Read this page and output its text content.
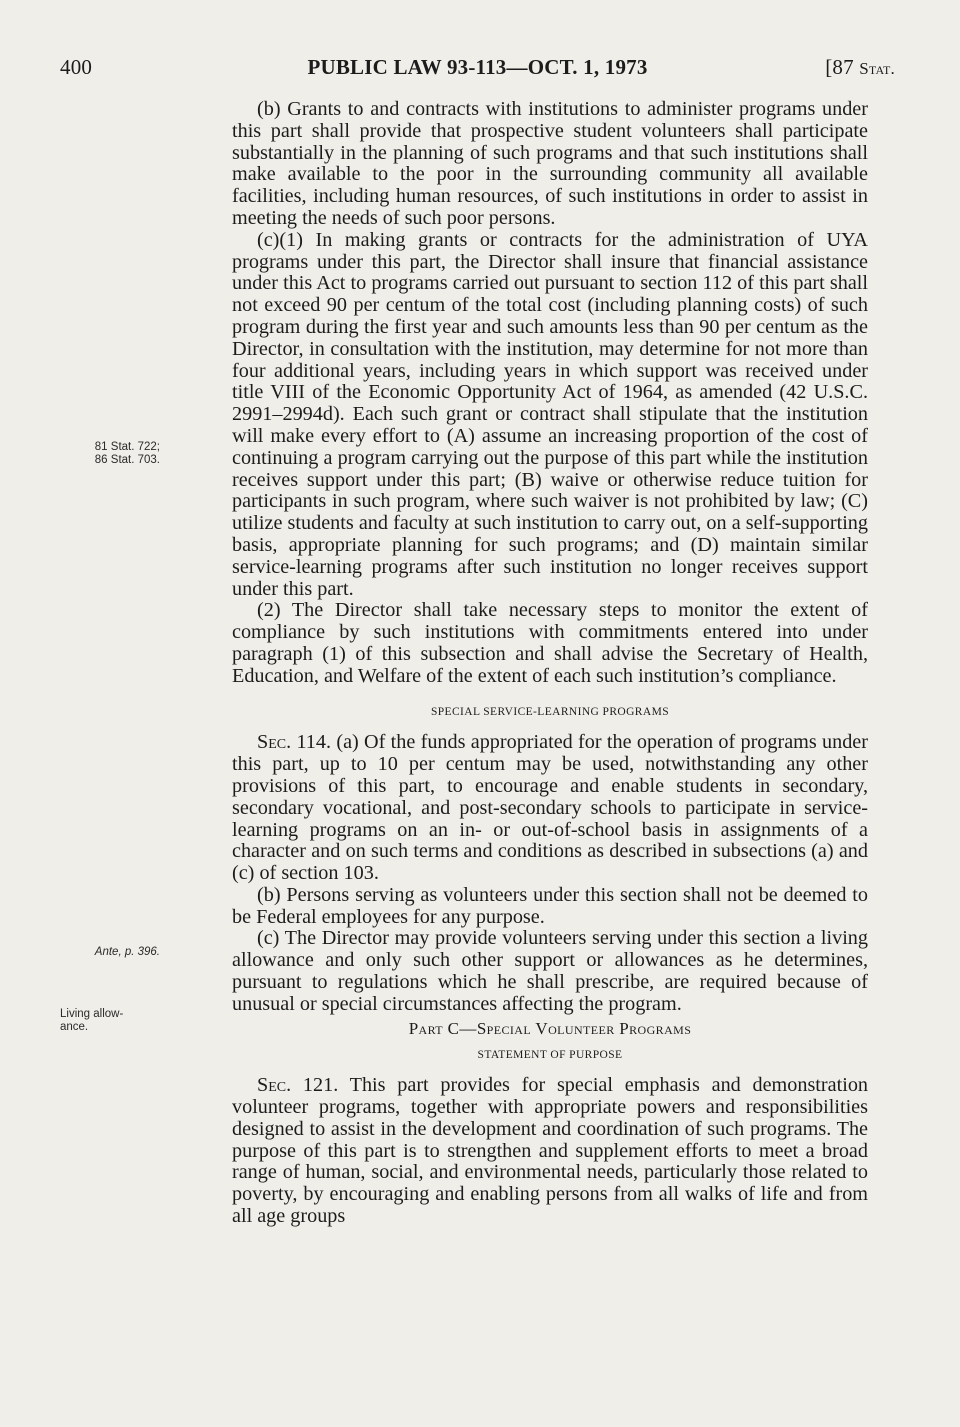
400	PUBLIC LAW 93-113—OCT. 1, 1973	[87 Stat.
81 Stat. 722;
86 Stat. 703.
Ante, p. 396.
Living allow-
ance.

(b) Grants to and contracts with institutions to administer programs under this part shall provide that prospective student volunteers shall participate substantially in the planning of such programs and that such institutions shall make available to the poor in the surrounding community all available facilities, including human resources, of such institutions in order to assist in meeting the needs of such poor persons.

(c)(1) In making grants or contracts for the administration of UYA programs under this part, the Director shall insure that financial assistance under this Act to programs carried out pursuant to section 112 of this part shall not exceed 90 per centum of the total cost (including planning costs) of such program during the first year and such amounts less than 90 per centum as the Director, in consultation with the institution, may determine for not more than four additional years, including years in which support was received under title VIII of the Economic Opportunity Act of 1964, as amended (42 U.S.C. 2991–2994d). Each such grant or contract shall stipulate that the institution will make every effort to (A) assume an increasing proportion of the cost of continuing a program carrying out the purpose of this part while the institution receives support under this part; (B) waive or otherwise reduce tuition for participants in such program, where such waiver is not prohibited by law; (C) utilize students and faculty at such institution to carry out, on a self-supporting basis, appropriate planning for such programs; and (D) maintain similar service-learning programs after such institution no longer receives support under this part.

(2) The Director shall take necessary steps to monitor the extent of compliance by such institutions with commitments entered into under paragraph (1) of this subsection and shall advise the Secretary of Health, Education, and Welfare of the extent of each such institution’s compliance.

SPECIAL SERVICE-LEARNING PROGRAMS

Sec. 114. (a) Of the funds appropriated for the operation of programs under this part, up to 10 per centum may be used, notwithstanding any other provisions of this part, to encourage and enable students in secondary, secondary vocational, and post-secondary schools to participate in service-learning programs on an in- or out-of-school basis in assignments of a character and on such terms and conditions as described in subsections (a) and (c) of section 103.

(b) Persons serving as volunteers under this section shall not be deemed to be Federal employees for any purpose.

(c) The Director may provide volunteers serving under this section a living allowance and only such other support or allowances as he determines, pursuant to regulations which he shall prescribe, are required because of unusual or special circumstances affecting the program.

Part C—Special Volunteer Programs

STATEMENT OF PURPOSE

Sec. 121. This part provides for special emphasis and demonstration volunteer programs, together with appropriate powers and responsibilities designed to assist in the development and coordination of such programs. The purpose of this part is to strengthen and supplement efforts to meet a broad range of human, social, and environmental needs, particularly those related to poverty, by encouraging and enabling persons from all walks of life and from all age groups
